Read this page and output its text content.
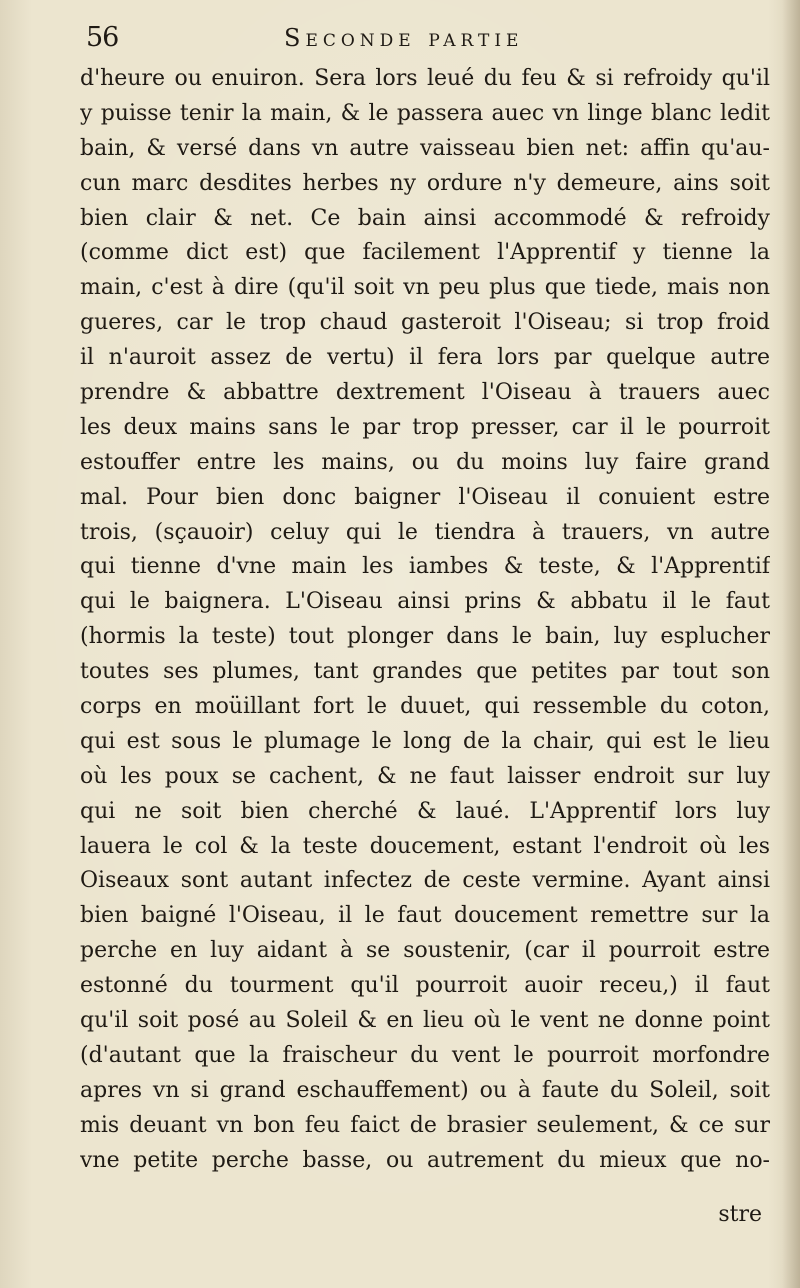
56	Seconde partie
d'heure ou enuiron. Sera lors leué du feu & si refroidy qu'il
y puisse tenir la main, & le passera auec vn linge blanc ledit
bain, & versé dans vn autre vaisseau bien net: affin qu'au-
cun marc desdites herbes ny ordure n'y demeure, ains soit
bien clair & net. Ce bain ainsi accommodé & refroidy
(comme dict est) que facilement l'Apprentif y tienne la
main, c'est à dire (qu'il soit vn peu plus que tiede, mais non
gueres, car le trop chaud gasteroit l'Oiseau; si trop froid
il n'auroit assez de vertu) il fera lors par quelque autre
prendre & abbattre dextrement l'Oiseau à trauers auec
les deux mains sans le par trop presser, car il le pourroit
estouffer entre les mains, ou du moins luy faire grand
mal. Pour bien donc baigner l'Oiseau il conuient estre
trois, (sçauoir) celuy qui le tiendra à trauers, vn autre
qui tienne d'vne main les iambes & teste, & l'Apprentif
qui le baignera. L'Oiseau ainsi prins & abbatu il le faut
(hormis la teste) tout plonger dans le bain, luy esplucher
toutes ses plumes, tant grandes que petites par tout son
corps en moüillant fort le duuet, qui ressemble du coton,
qui est sous le plumage le long de la chair, qui est le lieu
où les poux se cachent, & ne faut laisser endroit sur luy
qui ne soit bien cherché & laué. L'Apprentif lors luy
lauera le col & la teste doucement, estant l'endroit où les
Oiseaux sont autant infectez de ceste vermine. Ayant ainsi
bien baigné l'Oiseau, il le faut doucement remettre sur la
perche en luy aidant à se soustenir, (car il pourroit estre
estonné du tourment qu'il pourroit auoir receu,) il faut
qu'il soit posé au Soleil & en lieu où le vent ne donne point
(d'autant que la fraischeur du vent le pourroit morfondre
apres vn si grand eschauffement) ou à faute du Soleil, soit
mis deuant vn bon feu faict de brasier seulement, & ce sur
vne petite perche basse, ou autrement du mieux que no-
stre
